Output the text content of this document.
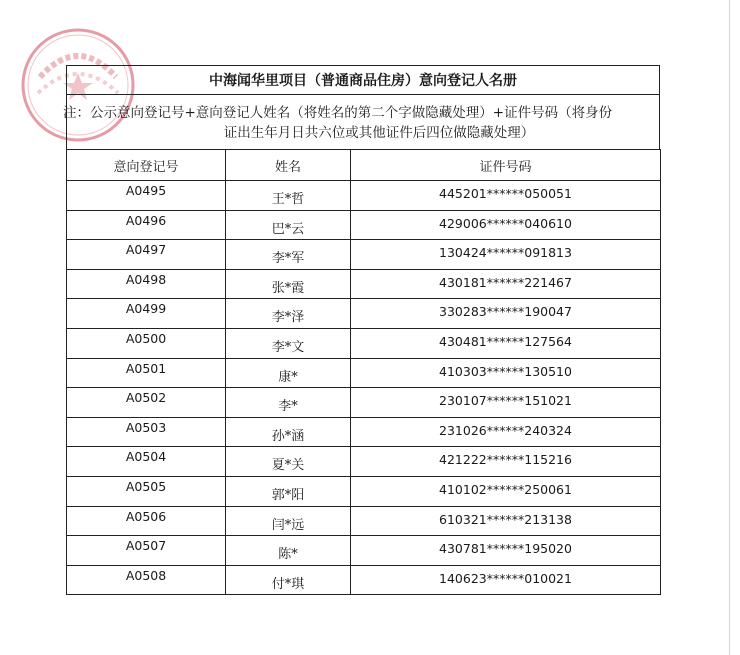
中海闻华里项目（普通商品住房）意向登记人名册
注：公示意向登记号+意向登记人姓名（将姓名的第二个字做隐藏处理）+证件号码（将身份
证出生年月日共六位或其他证件后四位做隐藏处理）
意向登记号	姓名	证件号码

A0495	王*哲	445201******050051

A0496	巴*云	429006******040610

A0497	李*军	130424******091813

A0498	张*霞	430181******221467

A0499	李*泽	330283******190047

A0500	李*文	430481******127564

A0501	康*	410303******130510

A0502	李*	230107******151021

A0503	孙*涵	231026******240324

A0504	夏*关	421222******115216

A0505	郭*阳	410102******250061

A0506	闫*远	610321******213138

A0507	陈*	430781******195020

A0508	付*琪	140623******010021
